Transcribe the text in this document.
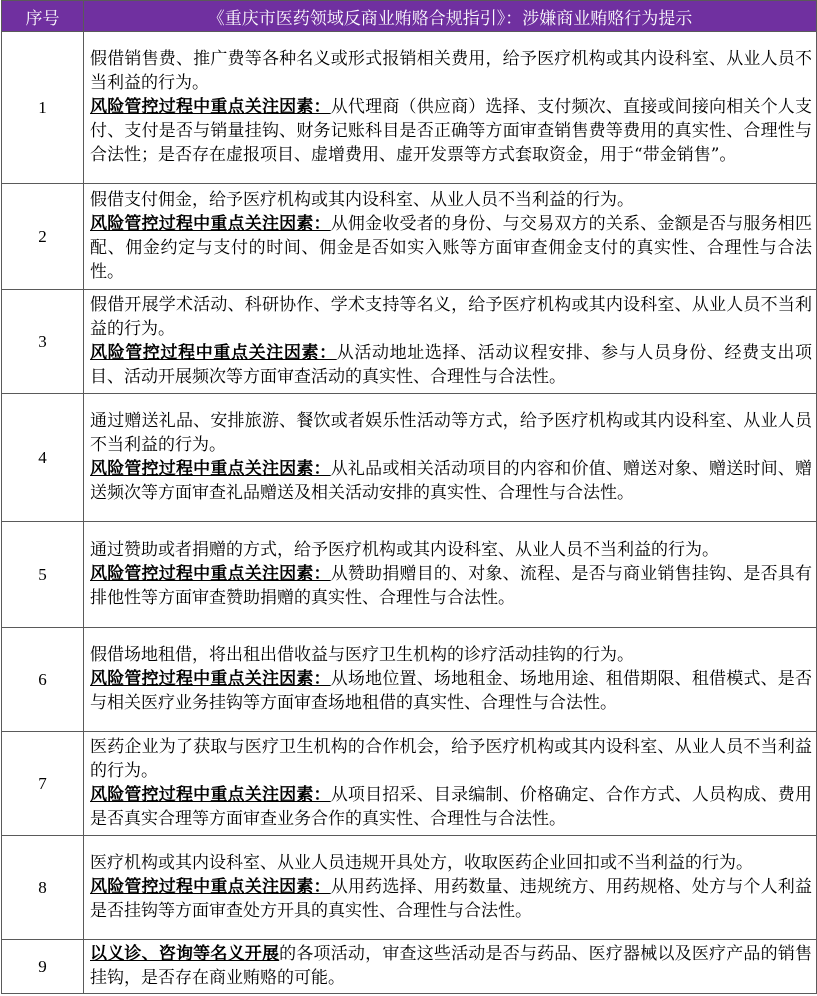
序号	《重庆市医药领域反商业贿赂合规指引》：涉嫌商业贿赂行为提示
1	假借销售费、推广费等各种名义或形式报销相关费用，给予医疗机构或其内设科室、从业人员不当利益的行为。

风险管控过程中重点关注因素：从代理商（供应商）选择、支付频次、直接或间接向相关个人支付、支付是否与销量挂钩、财务记账科目是否正确等方面审查销售费等费用的真实性、合理性与合法性；是否存在虚报项目、虚增费用、虚开发票等方式套取资金，用于“带金销售”。

2	假借支付佣金，给予医疗机构或其内设科室、从业人员不当利益的行为。

风险管控过程中重点关注因素：从佣金收受者的身份、与交易双方的关系、金额是否与服务相匹配、佣金约定与支付的时间、佣金是否如实入账等方面审查佣金支付的真实性、合理性与合法性。

3	假借开展学术活动、科研协作、学术支持等名义，给予医疗机构或其内设科室、从业人员不当利益的行为。

风险管控过程中重点关注因素：从活动地址选择、活动议程安排、参与人员身份、经费支出项目、活动开展频次等方面审查活动的真实性、合理性与合法性。

4	通过赠送礼品、安排旅游、餐饮或者娱乐性活动等方式，给予医疗机构或其内设科室、从业人员不当利益的行为。

风险管控过程中重点关注因素：从礼品或相关活动项目的内容和价值、赠送对象、赠送时间、赠送频次等方面审查礼品赠送及相关活动安排的真实性、合理性与合法性。

5	通过赞助或者捐赠的方式，给予医疗机构或其内设科室、从业人员不当利益的行为。

风险管控过程中重点关注因素：从赞助捐赠目的、对象、流程、是否与商业销售挂钩、是否具有排他性等方面审查赞助捐赠的真实性、合理性与合法性。

6	假借场地租借，将出租出借收益与医疗卫生机构的诊疗活动挂钩的行为。

风险管控过程中重点关注因素：从场地位置、场地租金、场地用途、租借期限、租借模式、是否与相关医疗业务挂钩等方面审查场地租借的真实性、合理性与合法性。

7	医药企业为了获取与医疗卫生机构的合作机会，给予医疗机构或其内设科室、从业人员不当利益的行为。

风险管控过程中重点关注因素：从项目招采、目录编制、价格确定、合作方式、人员构成、费用是否真实合理等方面审查业务合作的真实性、合理性与合法性。

8	医疗机构或其内设科室、从业人员违规开具处方，收取医药企业回扣或不当利益的行为。

风险管控过程中重点关注因素：从用药选择、用药数量、违规统方、用药规格、处方与个人利益是否挂钩等方面审查处方开具的真实性、合理性与合法性。

9	以义诊、咨询等名义开展的各项活动，审查这些活动是否与药品、医疗器械以及医疗产品的销售挂钩，是否存在商业贿赂的可能。
